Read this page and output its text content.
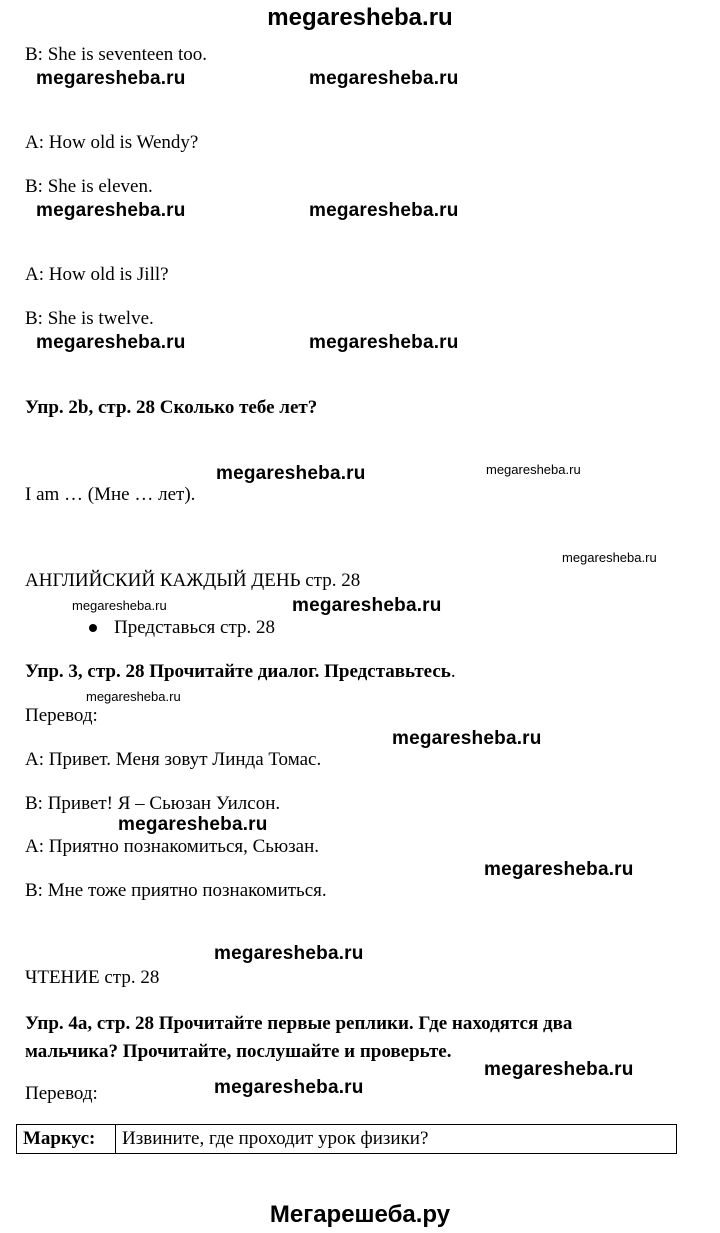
megaresheba.ru
B: She is seventeen too.
megaresheba.ru	megaresheba.ru
A: How old is Wendy?
B: She is eleven.
megaresheba.ru	megaresheba.ru
A: How old is Jill?
B: She is twelve.
megaresheba.ru	megaresheba.ru
Упр. 2b, стр. 28 Сколько тебе лет?
megaresheba.ru	megaresheba.ru
I am … (Мне … лет).
megaresheba.ru
АНГЛИЙСКИЙ КАЖДЫЙ ДЕНЬ стр. 28
megaresheba.ru	megaresheba.ru
Представься стр. 28
Упр. 3, стр. 28 Прочитайте диалог. Представьтесь.
megaresheba.ru
Перевод:
megaresheba.ru
A: Привет. Меня зовут Линда Томас.
B: Привет! Я – Сьюзан Уилсон.
megaresheba.ru
A: Приятно познакомиться, Сьюзан.
megaresheba.ru
B: Мне тоже приятно познакомиться.
megaresheba.ru
ЧТЕНИЕ стр. 28
Упр. 4a, стр. 28 Прочитайте первые реплики. Где находятся два
мальчика? Прочитайте, послушайте и проверьте.
megaresheba.ru
megaresheba.ru
Перевод:
Маркус:	Извините, где проходит урок физики?
Мегарешеба.ру
